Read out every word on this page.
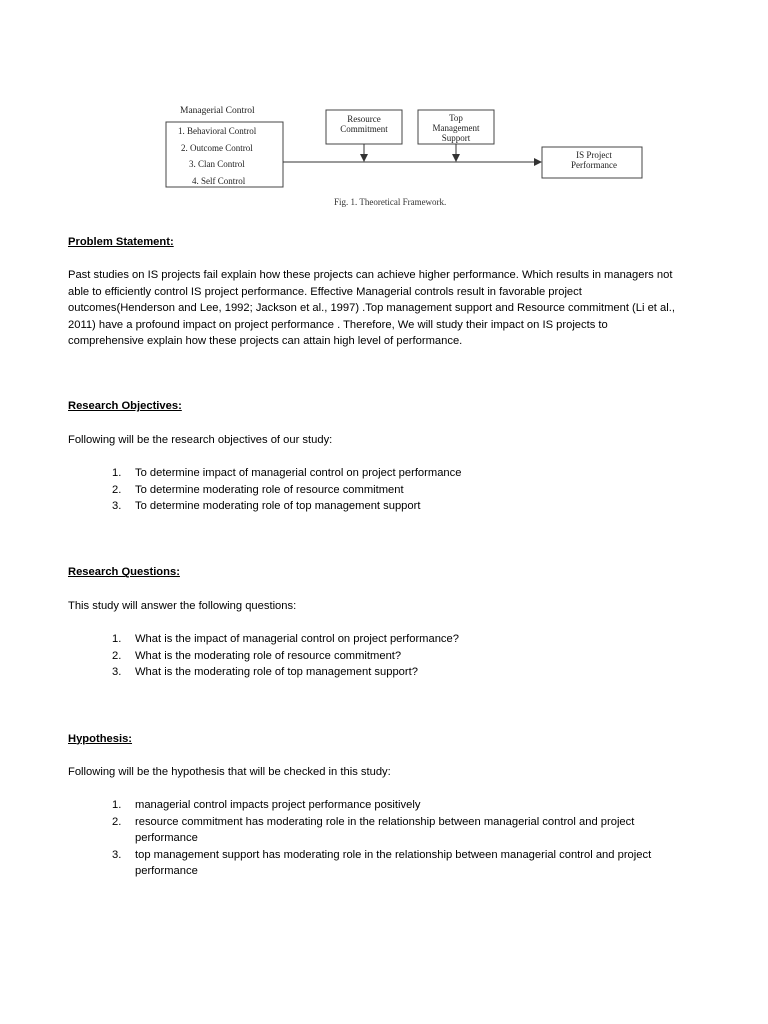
Managerial Control
1. Behavioral Control
2. Outcome Control
3. Clan Control
4. Self Control
Resource
Commitment
Top
Management
Support
IS Project
Performance
Fig. 1. Theoretical Framework.

Problem Statement:

Past studies on IS projects fail explain how these projects can achieve higher performance. Which results in managers not able to efficiently control IS project performance. Effective Managerial controls result in favorable project outcomes(Henderson and Lee, 1992; Jackson et al., 1997) .Top management support and Resource commitment (Li et al., 2011) have a profound impact on project performance . Therefore, We will study their impact on IS projects to comprehensive explain how these projects can attain high level of performance.

Research Objectives:

Following will be the research objectives of our study:

1. To determine impact of managerial control on project performance
2. To determine moderating role of resource commitment
3. To determine moderating role of top management support

Research Questions:

This study will answer the following questions:

1. What is the impact of managerial control on project performance?
2. What is the moderating role of resource commitment?
3. What is the moderating role of top management support?

Hypothesis:

Following will be the hypothesis that will be checked in this study:

1. managerial control impacts project performance positively
2. resource commitment has moderating role in the relationship between managerial control and project performance
3. top management support has moderating role in the relationship between managerial control and project performance
